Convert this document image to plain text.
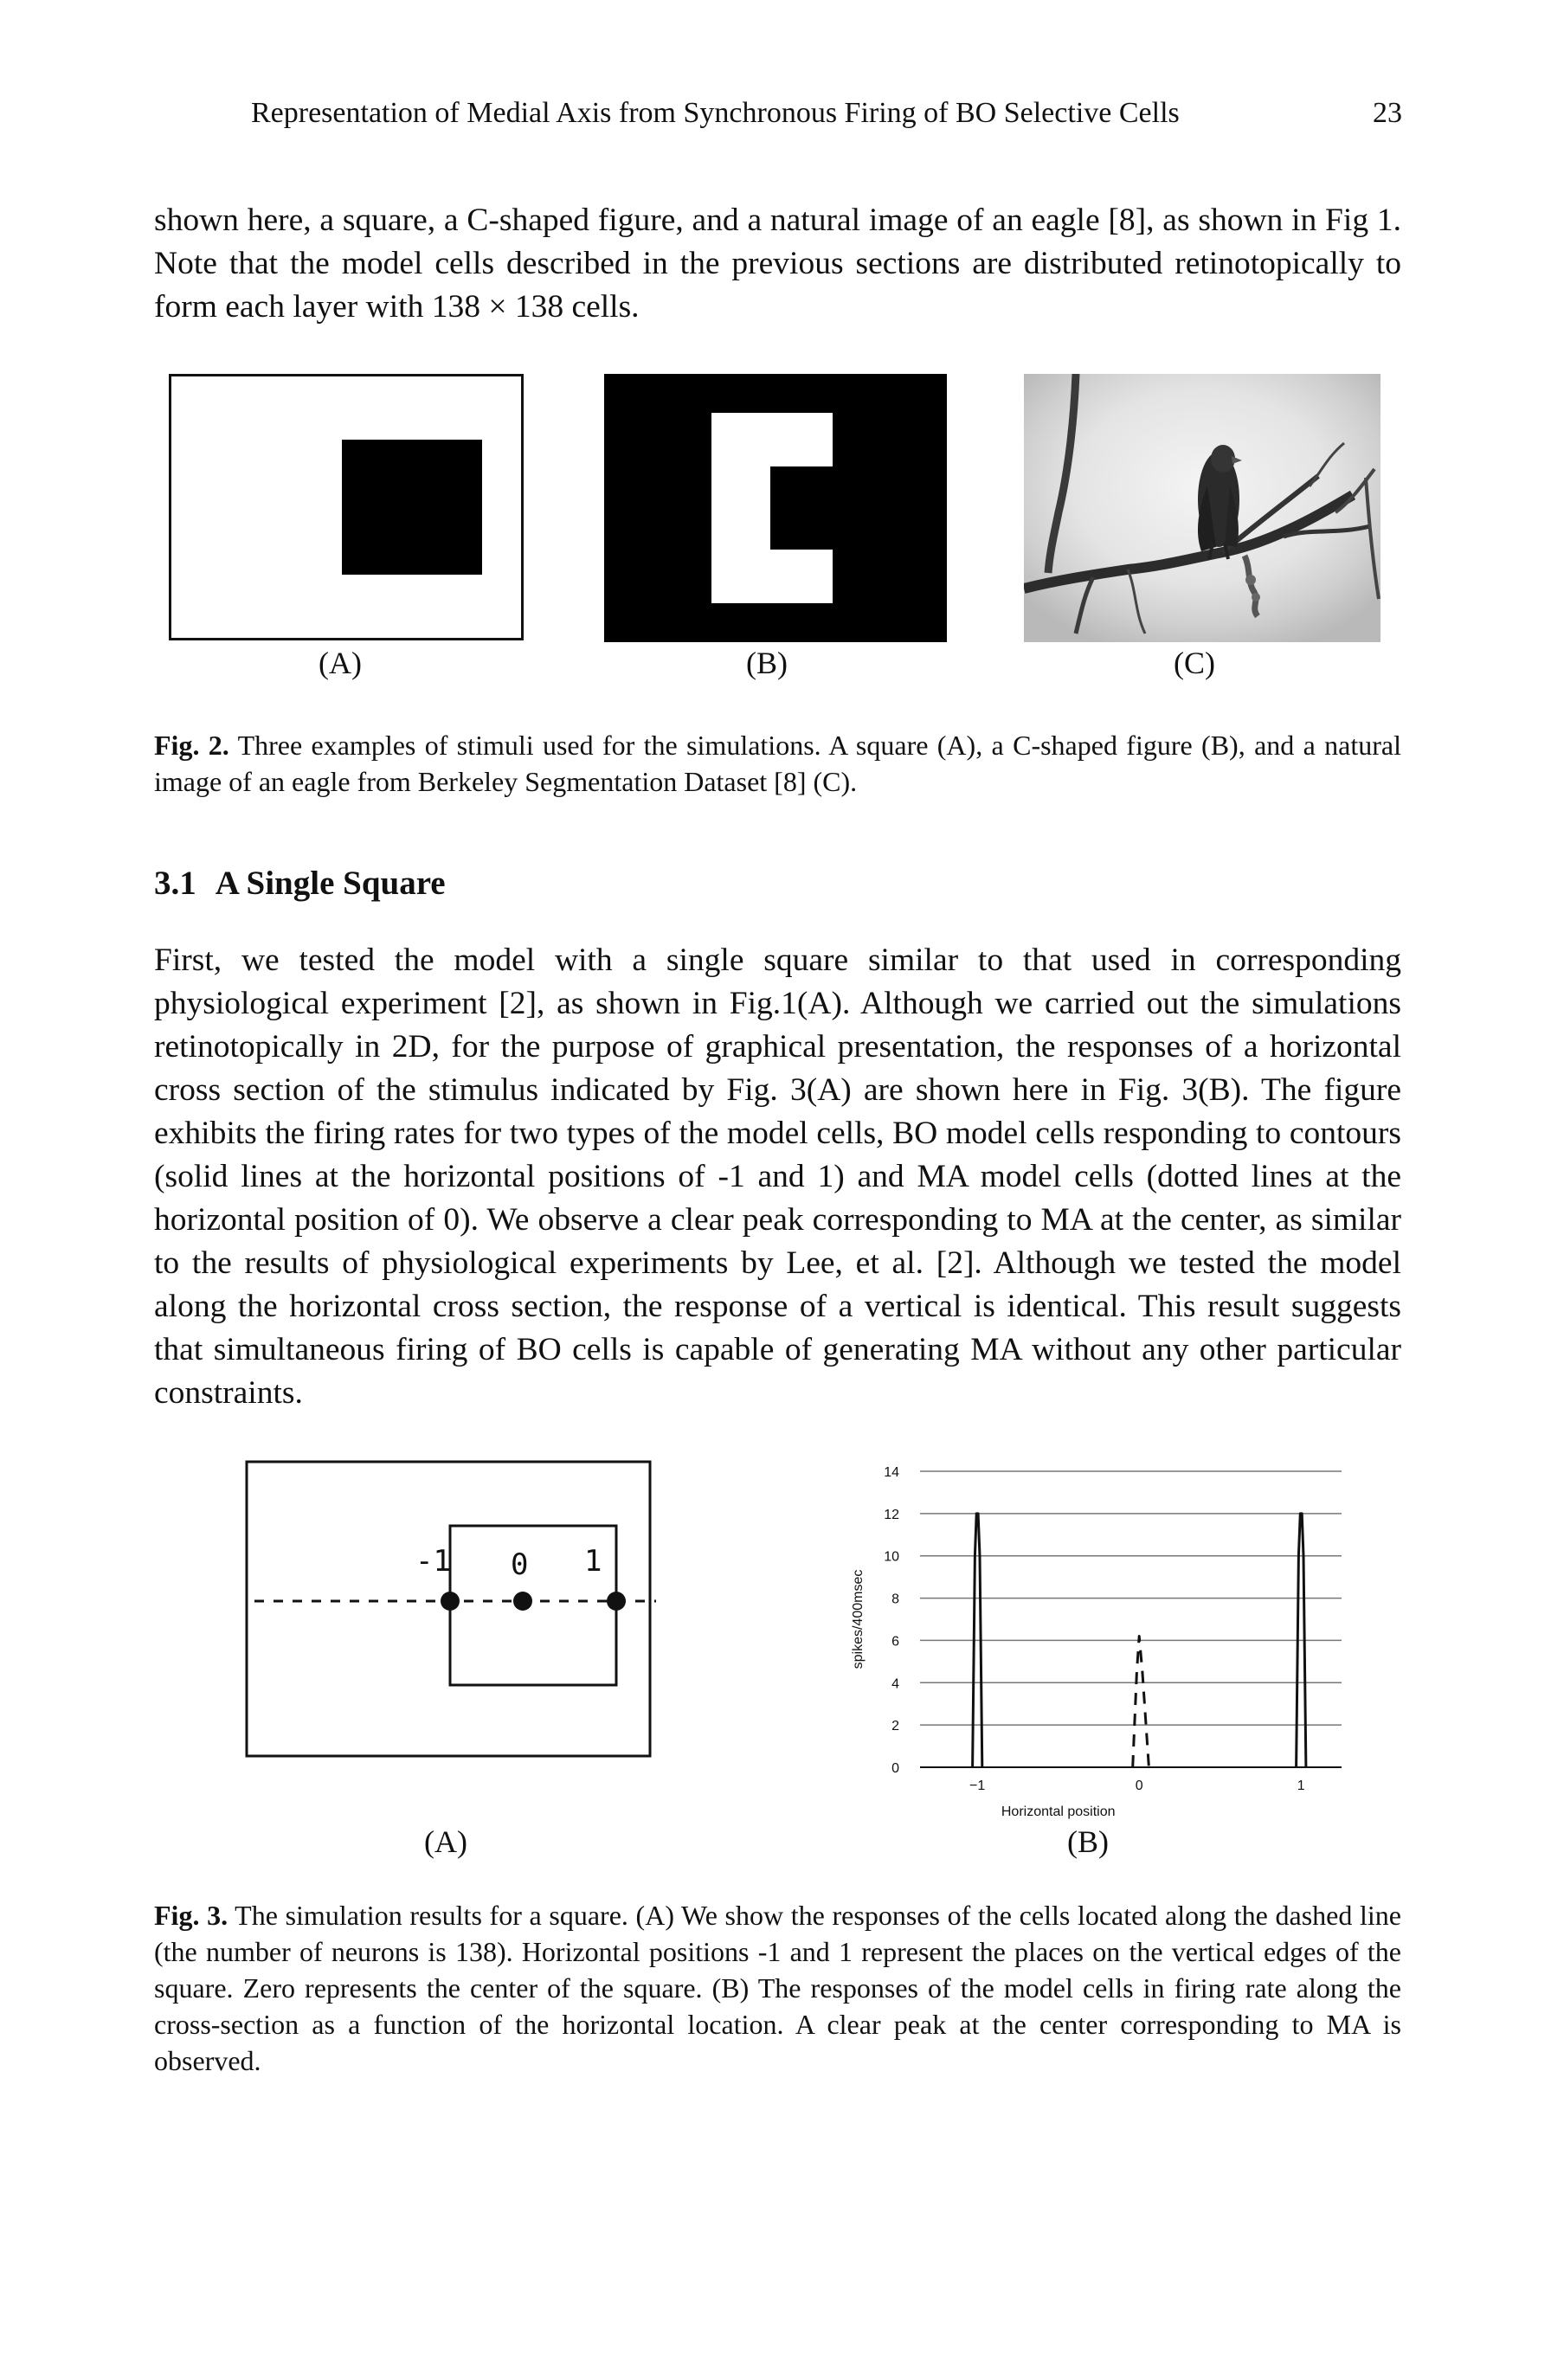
Representation of Medial Axis from Synchronous Firing of BO Selective Cells	23
shown here, a square, a C-shaped figure, and a natural image of an eagle [8], as shown in Fig 1. Note that the model cells described in the previous sections are distributed retinotopically to form each layer with 138 × 138 cells.
(A)	(B)	(C)
Fig. 2. Three examples of stimuli used for the simulations. A square (A), a C-shaped figure (B), and a natural image of an eagle from Berkeley Segmentation Dataset [8] (C).
3.1 A Single Square
First, we tested the model with a single square similar to that used in corresponding physiological experiment [2], as shown in Fig.1(A). Although we carried out the simulations retinotopically in 2D, for the purpose of graphical presentation, the responses of a horizontal cross section of the stimulus indicated by Fig. 3(A) are shown here in Fig. 3(B). The figure exhibits the firing rates for two types of the model cells, BO model cells responding to contours (solid lines at the horizontal positions of -1 and 1) and MA model cells (dotted lines at the horizontal position of 0). We observe a clear peak corresponding to MA at the center, as similar to the results of physiological experiments by Lee, et al. [2]. Although we tested the model along the horizontal cross section, the response of a vertical is identical. This result suggests that simultaneous firing of BO cells is capable of generating MA without any other particular constraints.
-1 0 1
(A)
0
2
4
6
8
10
12
14
−1	0	1
Horizontal position
spikes/400msec
(B)
Fig. 3. The simulation results for a square. (A) We show the responses of the cells located along the dashed line (the number of neurons is 138). Horizontal positions -1 and 1 represent the places on the vertical edges of the square. Zero represents the center of the square. (B) The responses of the model cells in firing rate along the cross-section as a function of the horizontal location. A clear peak at the center corresponding to MA is observed.
